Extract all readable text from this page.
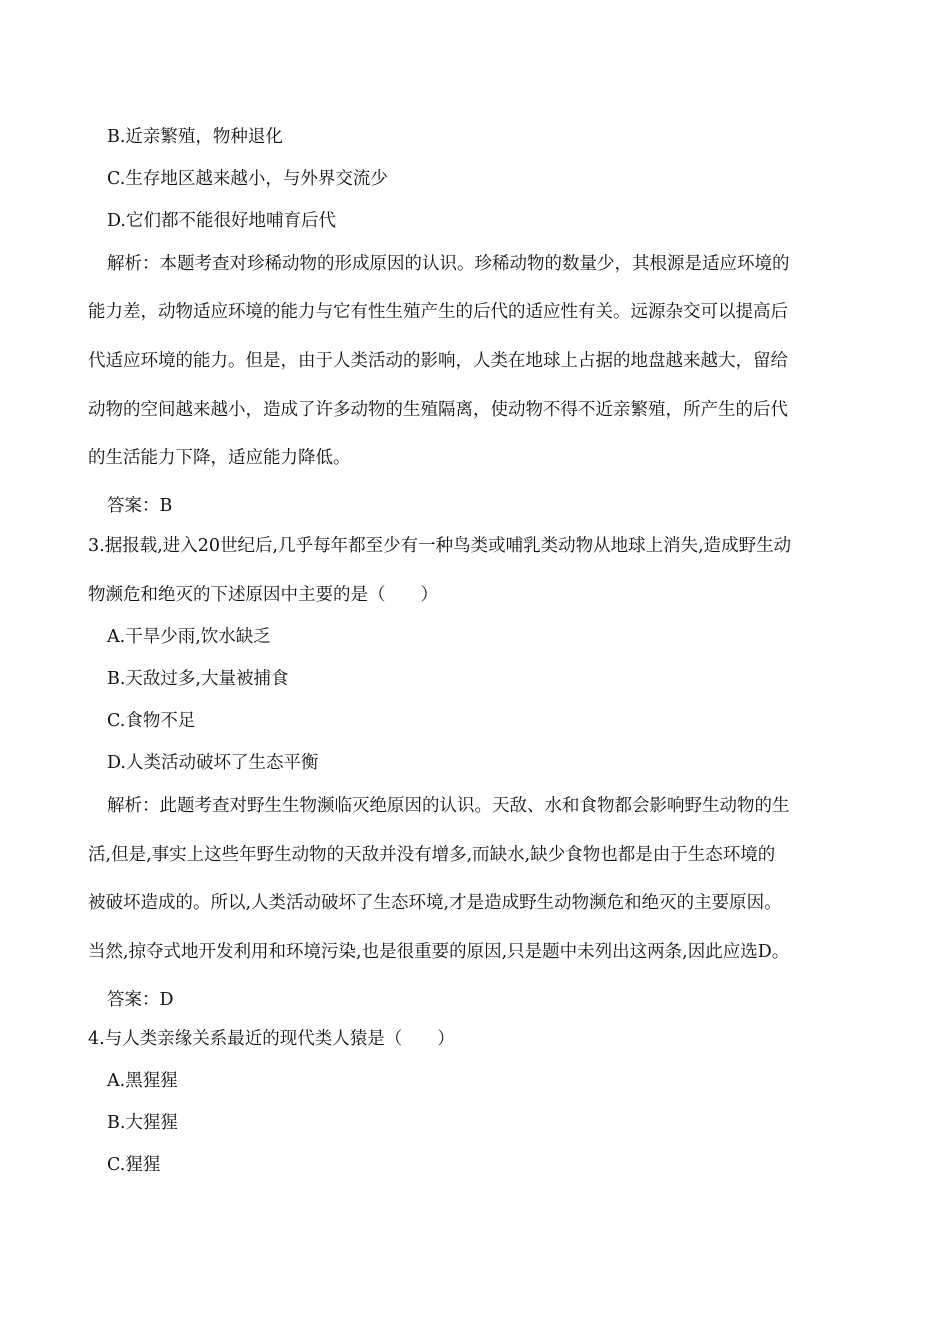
B.近亲繁殖，物种退化
C.生存地区越来越小，与外界交流少
D.它们都不能很好地哺育后代
解析：本题考查对珍稀动物的形成原因的认识。珍稀动物的数量少，其根源是适应环境的
能力差，动物适应环境的能力与它有性生殖产生的后代的适应性有关。远源杂交可以提高后
代适应环境的能力。但是，由于人类活动的影响，人类在地球上占据的地盘越来越大，留给
动物的空间越来越小，造成了许多动物的生殖隔离，使动物不得不近亲繁殖，所产生的后代
的生活能力下降，适应能力降低。
答案：B
3.据报载,进入20世纪后,几乎每年都至少有一种鸟类或哺乳类动物从地球上消失,造成野生动
物濒危和绝灭的下述原因中主要的是（　　）
A.干旱少雨,饮水缺乏
B.天敌过多,大量被捕食
C.食物不足
D.人类活动破坏了生态平衡
解析：此题考查对野生生物濒临灭绝原因的认识。天敌、水和食物都会影响野生动物的生
活,但是,事实上这些年野生动物的天敌并没有增多,而缺水,缺少食物也都是由于生态环境的
被破坏造成的。所以,人类活动破坏了生态环境,才是造成野生动物濒危和绝灭的主要原因。
当然,掠夺式地开发利用和环境污染,也是很重要的原因,只是题中未列出这两条,因此应选D。
答案：D
4.与人类亲缘关系最近的现代类人猿是（　　）
A.黑猩猩
B.大猩猩
C.猩猩
